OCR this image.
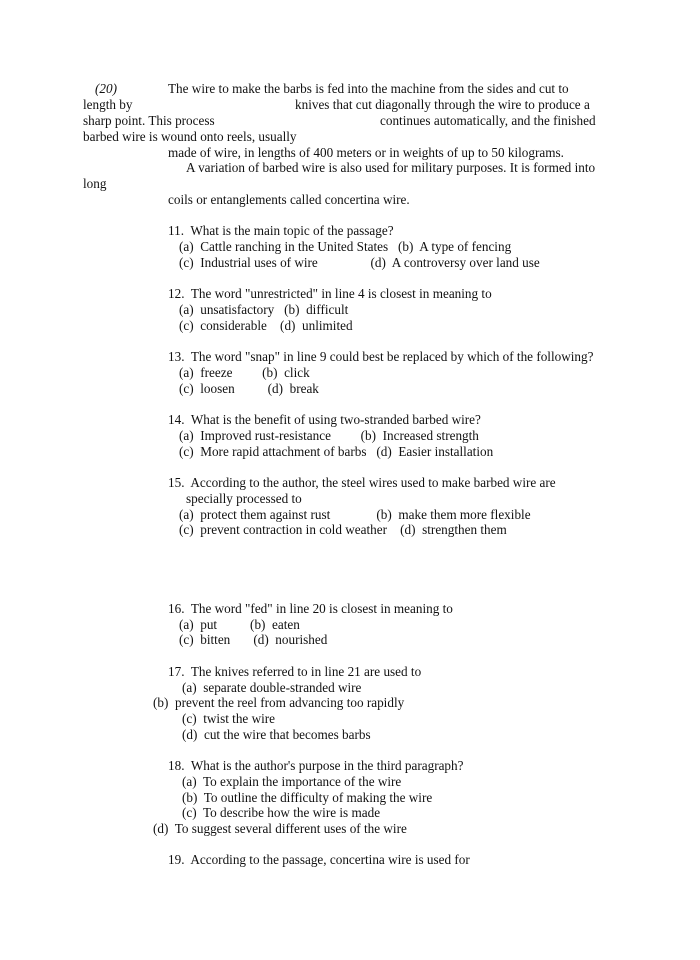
(20)	The wire to make the barbs is fed into the machine from the sides and cut to
length by	knives that cut diagonally through the wire to produce a
sharp point. This process	continues automatically, and the finished
barbed wire is wound onto reels, usually
made of wire, in lengths of 400 meters or in weights of up to 50 kilograms.
A variation of barbed wire is also used for military purposes. It is formed into
long
coils or entanglements called concertina wire.
11.  What is the main topic of the passage?
(a)  Cattle ranching in the United States   (b)  A type of fencing
(c)  Industrial uses of wire                (d)  A controversy over land use
12.  The word "unrestricted" in line 4 is closest in meaning to
(a)  unsatisfactory   (b)  difficult
(c)  considerable    (d)  unlimited
13.  The word "snap" in line 9 could best be replaced by which of the following?
(a)  freeze         (b)  click
(c)  loosen          (d)  break
14.  What is the benefit of using two-stranded barbed wire?
(a)  Improved rust-resistance         (b)  Increased strength
(c)  More rapid attachment of barbs   (d)  Easier installation
15.  According to the author, the steel wires used to make barbed wire are
specially processed to
(a)  protect them against rust              (b)  make them more flexible
(c)  prevent contraction in cold weather    (d)  strengthen them
16.  The word "fed" in line 20 is closest in meaning to
(a)  put          (b)  eaten
(c)  bitten       (d)  nourished
17.  The knives referred to in line 21 are used to
(a)  separate double-stranded wire
(b)  prevent the reel from advancing too rapidly
(c)  twist the wire
(d)  cut the wire that becomes barbs
18.  What is the author's purpose in the third paragraph?
(a)  To explain the importance of the wire
(b)  To outline the difficulty of making the wire
(c)  To describe how the wire is made
(d)  To suggest several different uses of the wire
19.  According to the passage, concertina wire is used for
